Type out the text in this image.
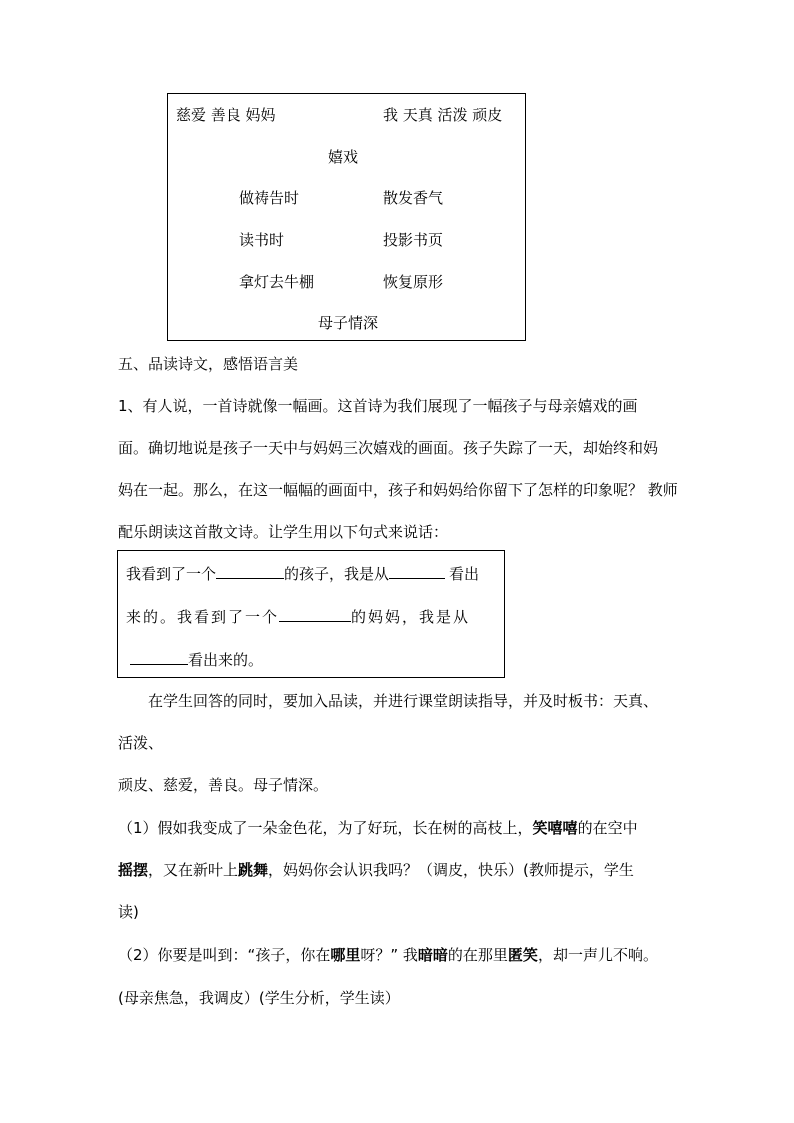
慈爱 善良 妈妈	我 天真 活泼 顽皮
嬉戏
做祷告时	散发香气
读书时	投影书页
拿灯去牛棚	恢复原形
母子情深
五、品读诗文，感悟语言美
1、有人说，一首诗就像一幅画。这首诗为我们展现了一幅孩子与母亲嬉戏的画
面。确切地说是孩子一天中与妈妈三次嬉戏的画面。孩子失踪了一天，却始终和妈
妈在一起。那么，在这一幅幅的画面中，孩子和妈妈给你留下了怎样的印象呢？ 教师
配乐朗读这首散文诗。让学生用以下句式来说话：
我看到了一个	的孩子，我是从	看出
来的。我看到了一个	的妈妈，我是从
看出来的。
在学生回答的同时，要加入品读，并进行课堂朗读指导，并及时板书：天真、
活泼、
顽皮、慈爱，善良。母子情深。
（1）假如我变成了一朵金色花，为了好玩，长在树的高枝上，笑嘻嘻的在空中
摇摆，又在新叶上跳舞，妈妈你会认识我吗？（调皮，快乐）(教师提示，学生
读)
（2）你要是叫到：“孩子，你在哪里呀？” 我暗暗的在那里匿笑，却一声儿不响。
(母亲焦急，我调皮）(学生分析，学生读）
